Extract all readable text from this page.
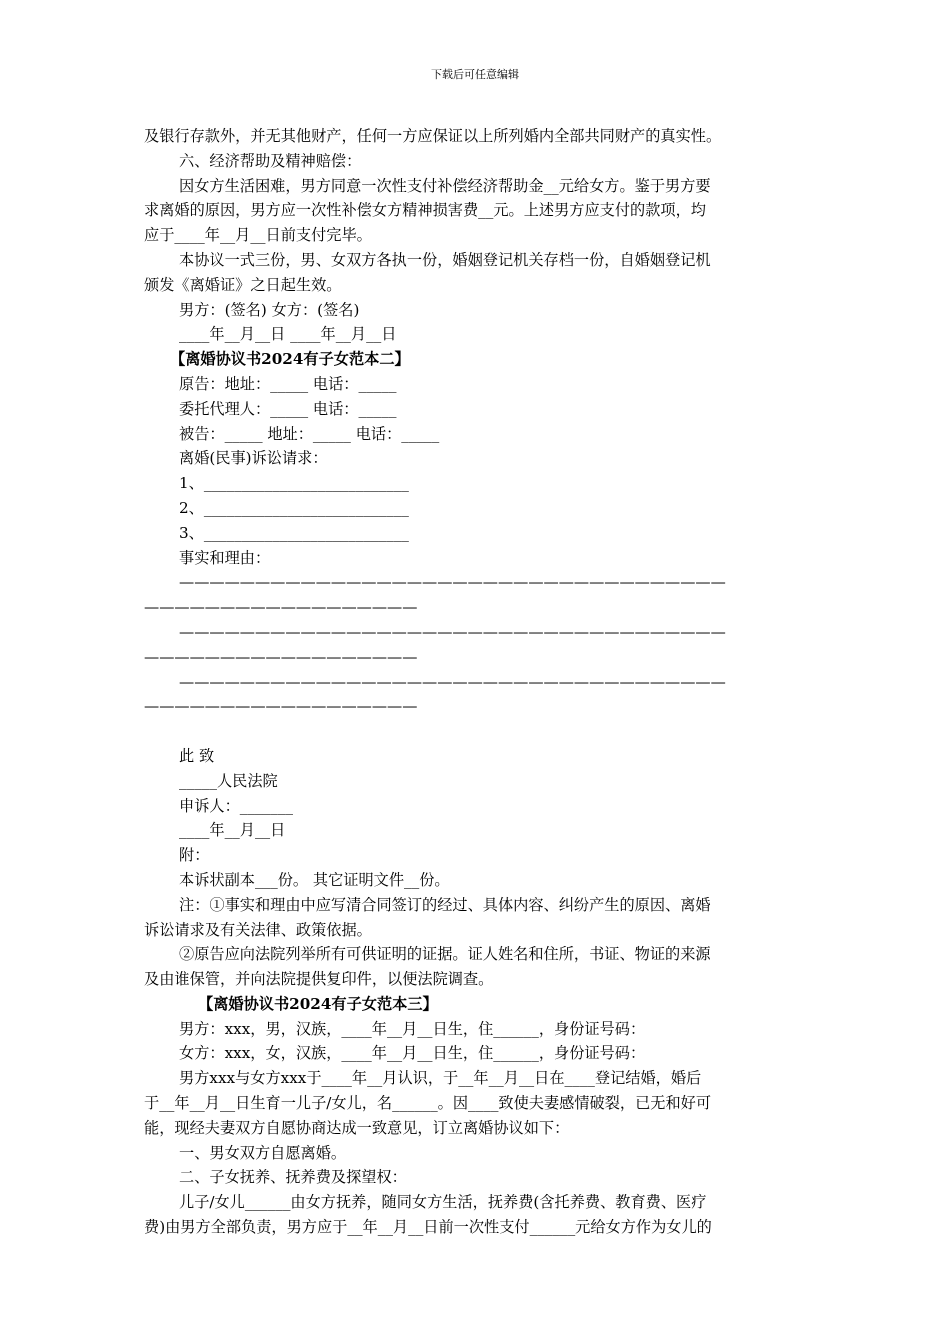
下载后可任意编辑
及银行存款外，并无其他财产，任何一方应保证以上所列婚内全部共同财产的真实性。
六、经济帮助及精神赔偿：
因女方生活困难，男方同意一次性支付补偿经济帮助金__元给女方。鉴于男方要
求离婚的原因，男方应一次性补偿女方精神损害费__元。上述男方应支付的款项，均
应于____年__月__日前支付完毕。
本协议一式三份，男、女双方各执一份，婚姻登记机关存档一份，自婚姻登记机
颁发《离婚证》之日起生效。
男方：(签名) 女方：(签名)
____年__月__日 ____年__月__日
【离婚协议书2024有子女范本二】
原告：地址：_____ 电话：_____
委托代理人：_____ 电话：_____
被告：_____ 地址：_____ 电话：_____
离婚(民事)诉讼请求：
1、___________________________
2、___________________________
3、___________________________
事实和理由：
————————————————————————————————————
——————————————————
————————————————————————————————————
——————————————————
————————————————————————————————————
——————————————————
此 致
_____人民法院
申诉人：_______
____年__月__日
附：
本诉状副本___份。 其它证明文件__份。
注：①事实和理由中应写清合同签订的经过、具体内容、纠纷产生的原因、离婚
诉讼请求及有关法律、政策依据。
②原告应向法院列举所有可供证明的证据。证人姓名和住所，书证、物证的来源
及由谁保管，并向法院提供复印件，以便法院调查。
【离婚协议书2024有子女范本三】
男方：xxx，男，汉族，____年__月__日生，住______，身份证号码：
女方：xxx，女，汉族，____年__月__日生，住______，身份证号码：
男方xxx与女方xxx于____年__月认识，于__年__月__日在____登记结婚，婚后
于__年__月__日生育一儿子/女儿，名______。因____致使夫妻感情破裂，已无和好可
能，现经夫妻双方自愿协商达成一致意见，订立离婚协议如下：
一、男女双方自愿离婚。
二、子女抚养、抚养费及探望权：
儿子/女儿______由女方抚养，随同女方生活，抚养费(含托养费、教育费、医疗
费)由男方全部负责，男方应于__年__月__日前一次性支付______元给女方作为女儿的
